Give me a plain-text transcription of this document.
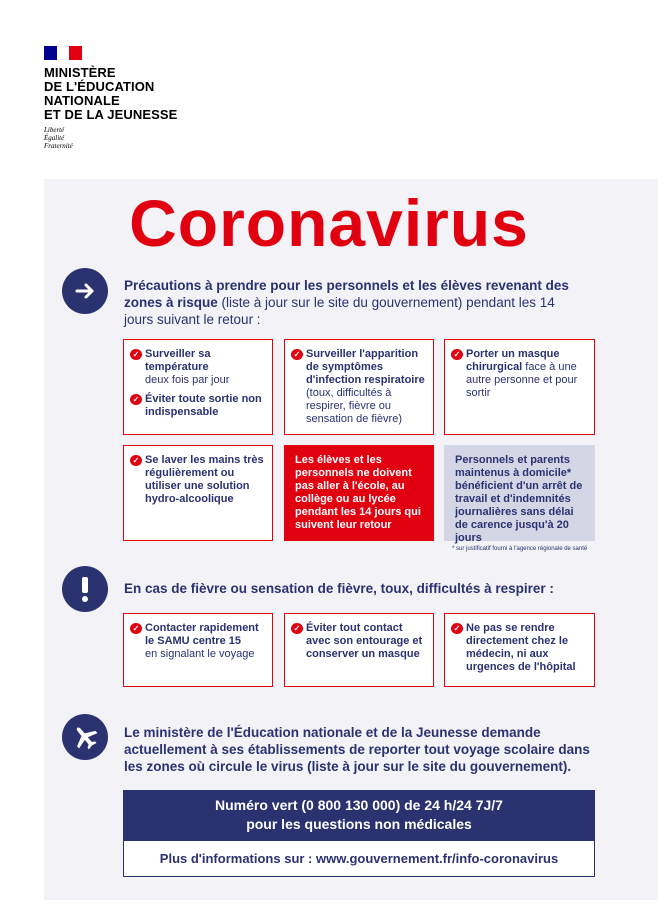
MINISTÈRE
DE L'ÉDUCATION
NATIONALE
ET DE LA JEUNESSE
Liberté
Égalité
Fraternité
Coronavirus
Précautions à prendre pour les personnels et les élèves revenant des zones à risque (liste à jour sur le site du gouvernement) pendant les 14 jours suivant le retour :
✓ Surveiller sa température
deux fois par jour
✓ Éviter toute sortie non indispensable
✓ Surveiller l'apparition de symptômes d'infection respiratoire
(toux, difficultés à respirer, fièvre ou sensation de fièvre)
✓ Porter un masque chirurgical face à une autre personne et pour sortir
✓ Se laver les mains très régulièrement ou utiliser une solution hydro-alcoolique
Les élèves et les personnels ne doivent pas aller à l'école, au collège ou au lycée pendant les 14 jours qui suivent leur retour
Personnels et parents maintenus à domicile* bénéficient d'un arrêt de travail et d'indemnités journalières sans délai de carence jusqu'à 20 jours
* sur justificatif fourni à l'agence régionale de santé
En cas de fièvre ou sensation de fièvre, toux, difficultés à respirer :
✓ Contacter rapidement le SAMU centre 15
en signalant le voyage
✓ Éviter tout contact avec son entourage et conserver un masque
✓ Ne pas se rendre directement chez le médecin, ni aux urgences de l'hôpital
Le ministère de l'Éducation nationale et de la Jeunesse demande actuellement à ses établissements de reporter tout voyage scolaire dans les zones où circule le virus (liste à jour sur le site du gouvernement).
Numéro vert (0 800 130 000) de 24 h/24 7J/7
pour les questions non médicales
Plus d'informations sur : www.gouvernement.fr/info-coronavirus
